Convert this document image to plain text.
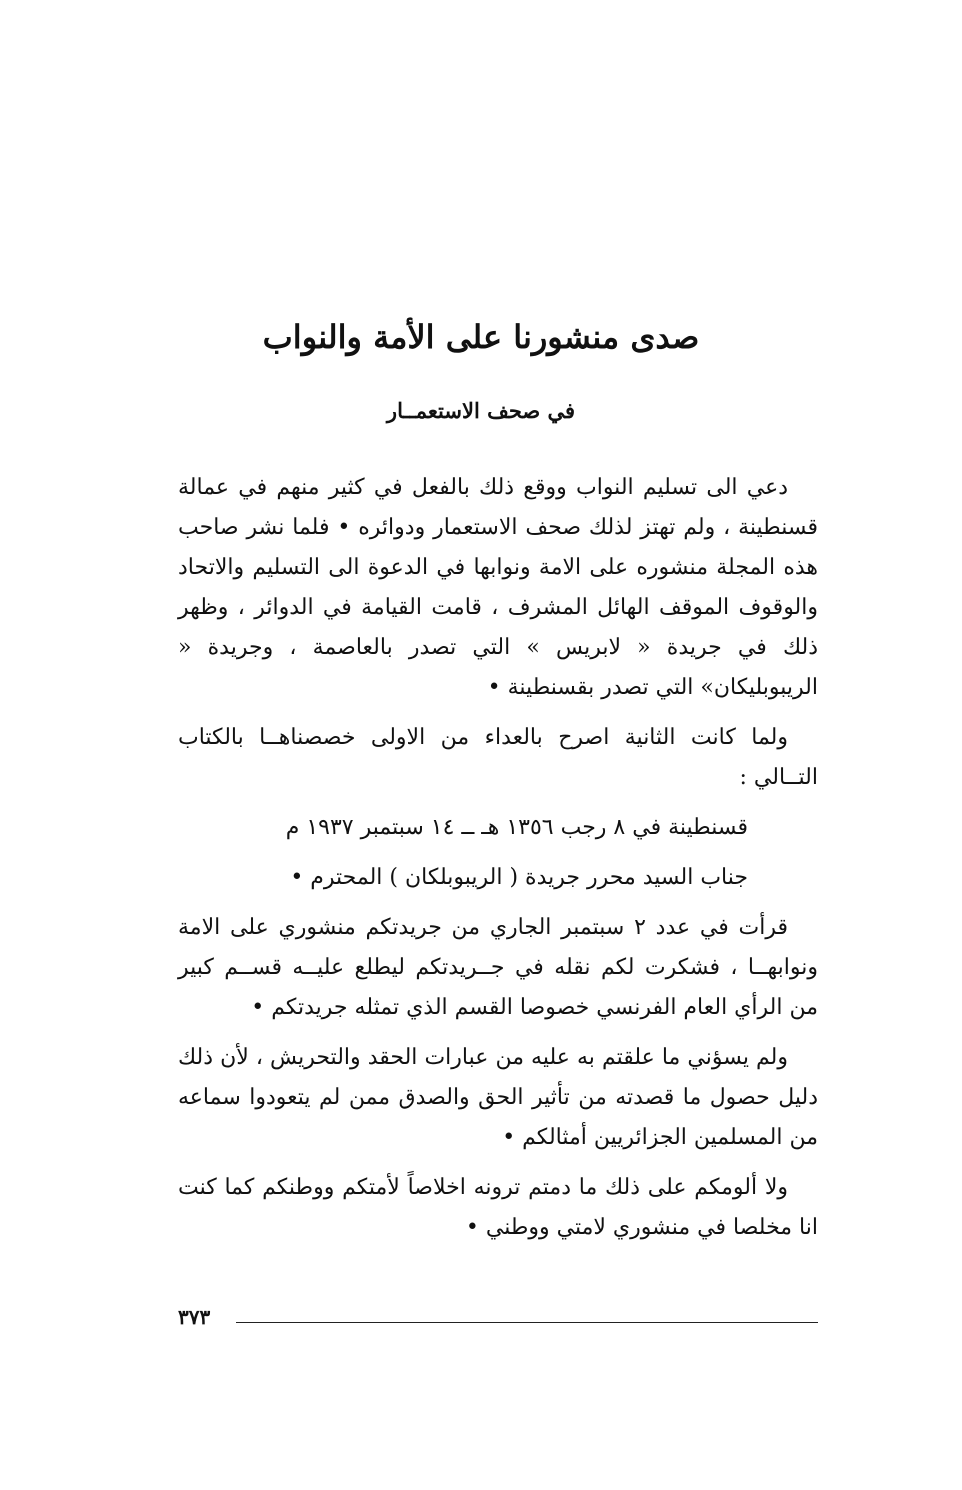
صدى منشورنا على الأمة والنواب
في صحف الاستعمــار

دعي الى تسليم النواب ووقع ذلك بالفعل في كثير منهم في عمالة قسنطينة ، ولم تهتز لذلك صحف الاستعمار ودوائره • فلما نشر صاحب هذه المجلة منشوره على الامة ونوابها في الدعوة الى التسليم والاتحاد والوقوف الموقف الهائل المشرف ، قامت القيامة في الدوائر ، وظهر ذلك في جريدة « لابريس » التي تصدر بالعاصمة ، وجريدة « الريبوبليكان» التي تصدر بقسنطينة •

ولما كانت الثانية اصرح بالعداء من الاولى خصصناهــا بالكتاب التــالي :

قسنطينة في ٨ رجب ١٣٥٦ هـ ــ ١٤ سبتمبر ١٩٣٧ م

جناب السيد محرر جريدة ( الريبوبلكان ) المحترم •

قرأت في عدد ٢ سبتمبر الجاري من جريدتكم منشوري على الامة ونوابهــا ، فشكرت لكم نقله في جــريدتكم ليطلع عليــه قســم كبير من الرأي العام الفرنسي خصوصا القسم الذي تمثله جريدتكم •

ولم يسؤني ما علقتم به عليه من عبارات الحقد والتحريش ، لأن ذلك دليل حصول ما قصدته من تأثير الحق والصدق ممن لم يتعودوا سماعه من المسلمين الجزائريين أمثالكم •

ولا ألومكم على ذلك ما دمتم ترونه اخلاصاً لأمتكم ووطنكم كما كنت انا مخلصا في منشوري لامتي ووطني •

٣٧٣
